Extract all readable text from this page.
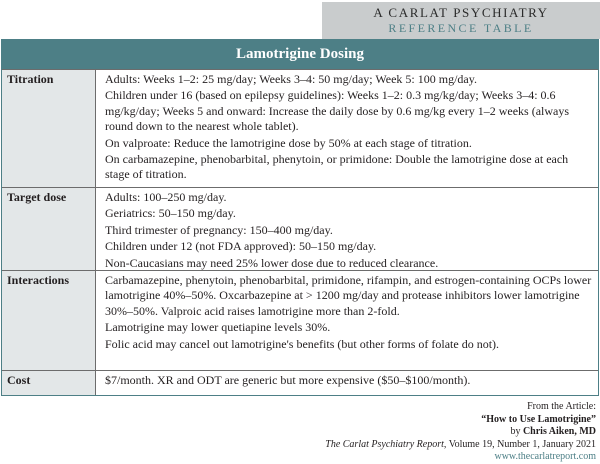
A CARLAT PSYCHIATRY
REFERENCE TABLE
Lamotrigine Dosing
Titration	Adults: Weeks 1–2: 25 mg/day; Weeks 3–4: 50 mg/day; Week 5: 100 mg/day.

Children under 16 (based on epilepsy guidelines): Weeks 1–2: 0.3 mg/kg/day; Weeks 3–4: 0.6 mg/kg/day; Weeks 5 and onward: Increase the daily dose by 0.6 mg/kg every 1–2 weeks (always round down to the nearest whole tablet).

On valproate: Reduce the lamotrigine dose by 50% at each stage of titration.

On carbamazepine, phenobarbital, phenytoin, or primidone: Double the lamotrigine dose at each stage of titration.

Target dose	Adults: 100–250 mg/day.

Geriatrics: 50–150 mg/day.

Third trimester of pregnancy: 150–400 mg/day.

Children under 12 (not FDA approved): 50–150 mg/day.

Non-Caucasians may need 25% lower dose due to reduced clearance.

Interactions	Carbamazepine, phenytoin, phenobarbital, primidone, rifampin, and estrogen-containing OCPs lower lamotrigine 40%–50%. Oxcarbazepine at > 1200 mg/day and protease inhibitors lower lamotrigine 30%–50%. Valproic acid raises lamotrigine more than 2-fold.

Lamotrigine may lower quetiapine levels 30%.

Folic acid may cancel out lamotrigine's benefits (but other forms of folate do not).

Cost	$7/month. XR and ODT are generic but more expensive ($50–$100/month).

From the Article:
“How to Use Lamotrigine”
by Chris Aiken, MD
The Carlat Psychiatry Report, Volume 19, Number 1, January 2021
www.thecarlatreport.com
